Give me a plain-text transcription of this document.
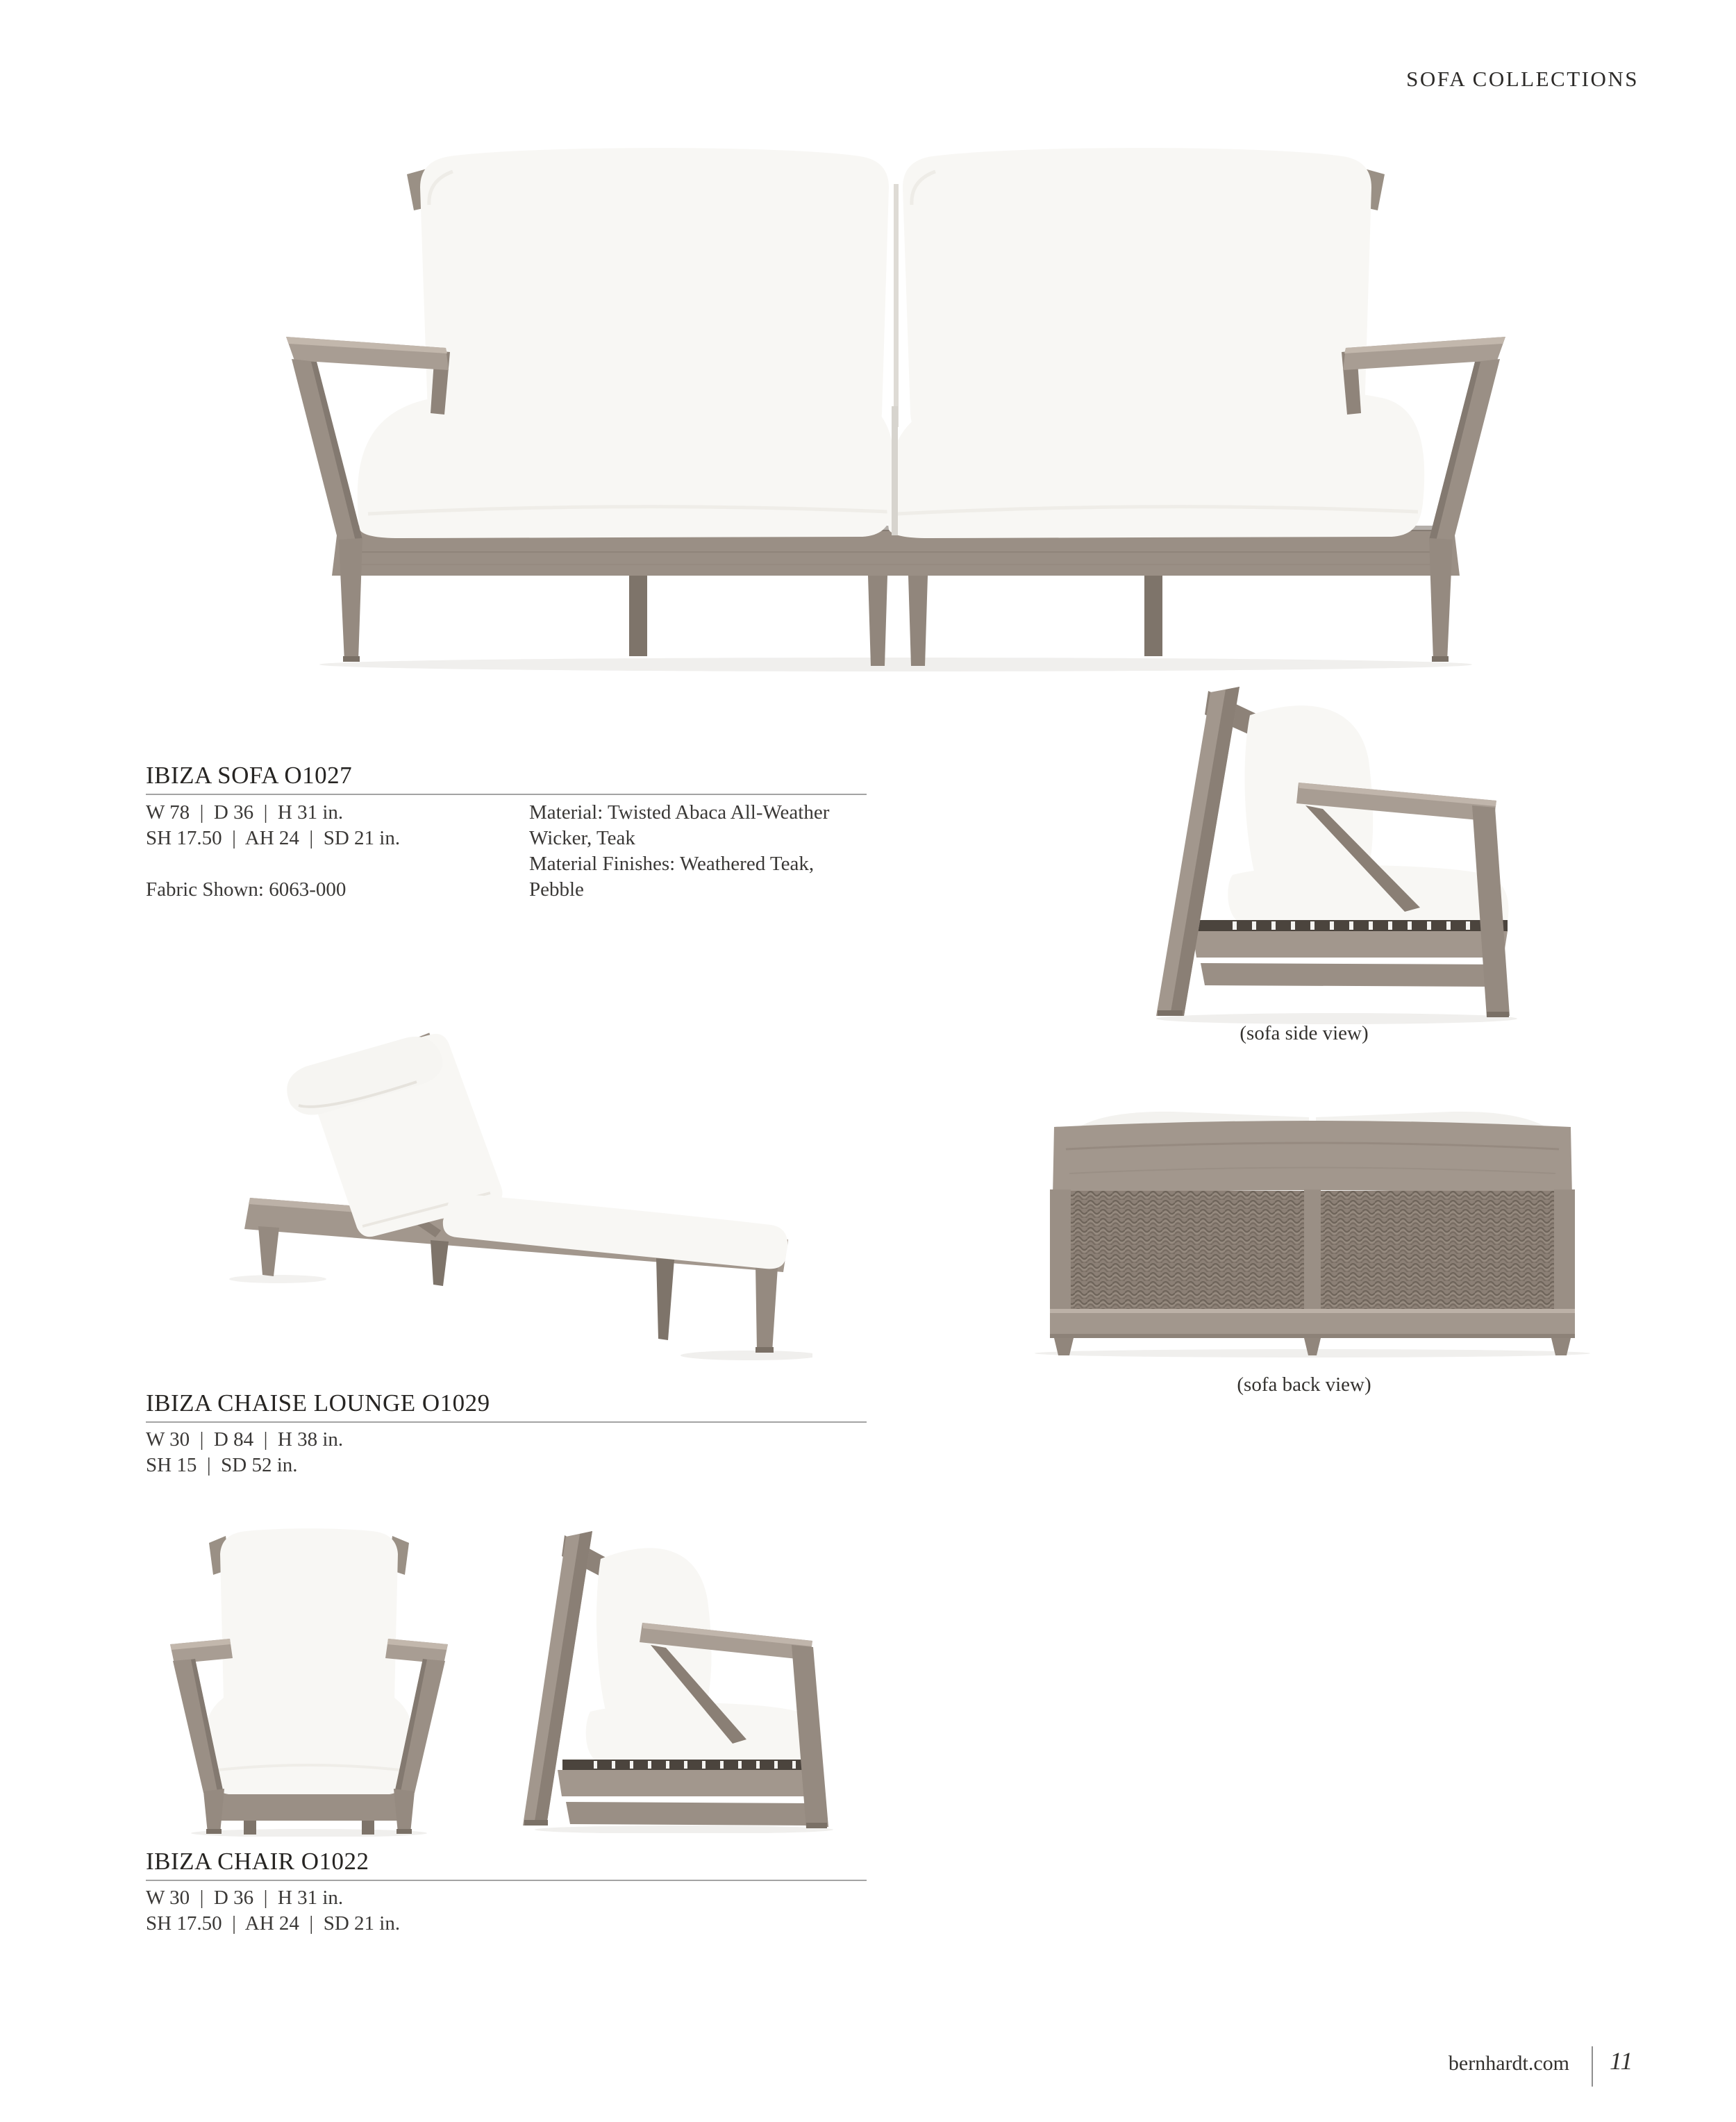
SOFA COLLECTIONS
IBIZA SOFA O1027
W 78  |  D 36  |  H 31 in.
SH 17.50  |  AH 24  |  SD 21 in.
Fabric Shown: 6063-000
Material: Twisted Abaca All-Weather
Wicker, Teak
Material Finishes: Weathered Teak,
Pebble
(sofa side view)
(sofa back view)
IBIZA CHAISE LOUNGE O1029
W 30  |  D 84  |  H 38 in.
SH 15  |  SD 52 in.
IBIZA CHAIR O1022
W 30  |  D 36  |  H 31 in.
SH 17.50  |  AH 24  |  SD 21 in.
bernhardt.com 11
